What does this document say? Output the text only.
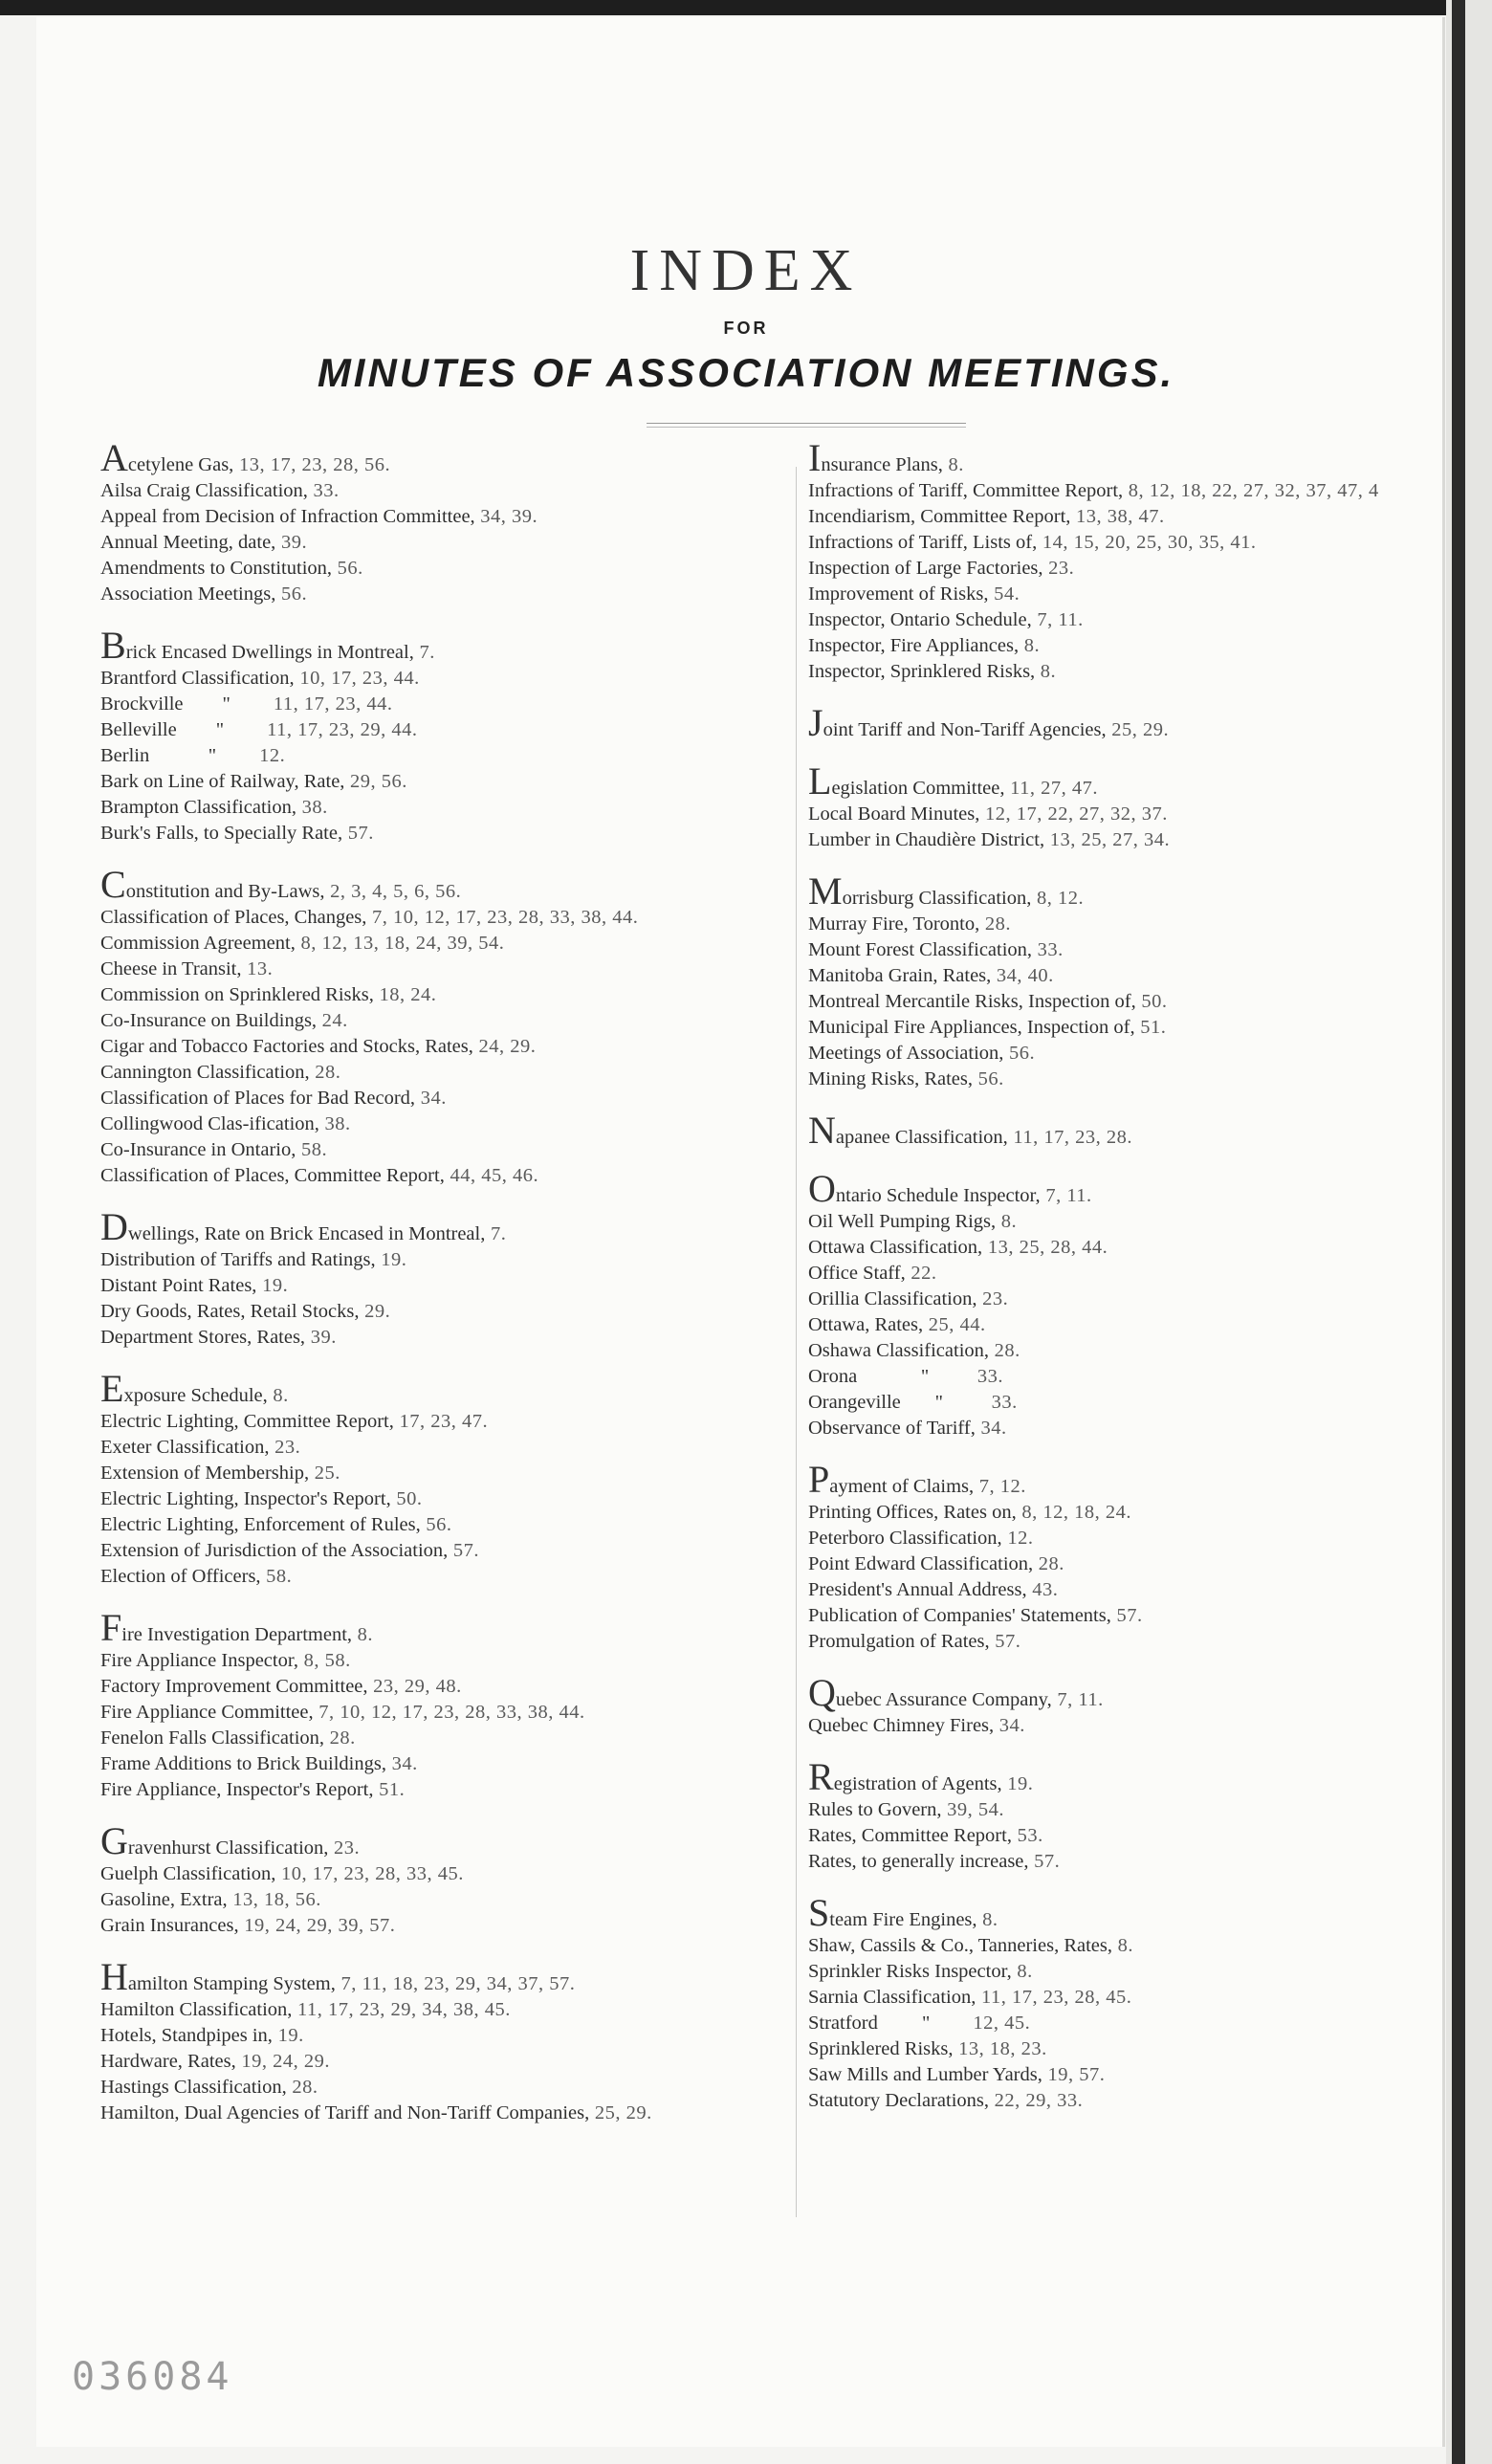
INDEX
FOR
MINUTES OF ASSOCIATION MEETINGS.
Acetylene Gas, 13, 17, 23, 28, 56.
Ailsa Craig Classification, 33.
Appeal from Decision of Infraction Committee, 34, 39.
Annual Meeting, date, 39.
Amendments to Constitution, 56.
Association Meetings, 56.
Brick Encased Dwellings in Montreal, 7.
Brantford Classification, 10, 17, 23, 44.
Brockville        "        11, 17, 23, 44.
Belleville        "        11, 17, 23, 29, 44.
Berlin            "        12.
Bark on Line of Railway, Rate, 29, 56.
Brampton Classification, 38.
Burk's Falls, to Specially Rate, 57.
Constitution and By-Laws, 2, 3, 4, 5, 6, 56.
Classification of Places, Changes, 7, 10, 12, 17, 23, 28, 33, 38, 44.
Commission Agreement, 8, 12, 13, 18, 24, 39, 54.
Cheese in Transit, 13.
Commission on Sprinklered Risks, 18, 24.
Co-Insurance on Buildings, 24.
Cigar and Tobacco Factories and Stocks, Rates, 24, 29.
Cannington Classification, 28.
Classification of Places for Bad Record, 34.
Collingwood Clas-ification, 38.
Co-Insurance in Ontario, 58.
Classification of Places, Committee Report, 44, 45, 46.
Dwellings, Rate on Brick Encased in Montreal, 7.
Distribution of Tariffs and Ratings, 19.
Distant Point Rates, 19.
Dry Goods, Rates, Retail Stocks, 29.
Department Stores, Rates, 39.
Exposure Schedule, 8.
Electric Lighting, Committee Report, 17, 23, 47.
Exeter Classification, 23.
Extension of Membership, 25.
Electric Lighting, Inspector's Report, 50.
Electric Lighting, Enforcement of Rules, 56.
Extension of Jurisdiction of the Association, 57.
Election of Officers, 58.
Fire Investigation Department, 8.
Fire Appliance Inspector, 8, 58.
Factory Improvement Committee, 23, 29, 48.
Fire Appliance Committee, 7, 10, 12, 17, 23, 28, 33, 38, 44.
Fenelon Falls Classification, 28.
Frame Additions to Brick Buildings, 34.
Fire Appliance, Inspector's Report, 51.
Gravenhurst Classification, 23.
Guelph Classification, 10, 17, 23, 28, 33, 45.
Gasoline, Extra, 13, 18, 56.
Grain Insurances, 19, 24, 29, 39, 57.
Hamilton Stamping System, 7, 11, 18, 23, 29, 34, 37, 57.
Hamilton Classification, 11, 17, 23, 29, 34, 38, 45.
Hotels, Standpipes in, 19.
Hardware, Rates, 19, 24, 29.
Hastings Classification, 28.
Hamilton, Dual Agencies of Tariff and Non-Tariff Companies, 25, 29.
Insurance Plans, 8.
Infractions of Tariff, Committee Report, 8, 12, 18, 22, 27, 32, 37, 47, 4
Incendiarism, Committee Report, 13, 38, 47.
Infractions of Tariff, Lists of, 14, 15, 20, 25, 30, 35, 41.
Inspection of Large Factories, 23.
Improvement of Risks, 54.
Inspector, Ontario Schedule, 7, 11.
Inspector, Fire Appliances, 8.
Inspector, Sprinklered Risks, 8.
Joint Tariff and Non-Tariff Agencies, 25, 29.
Legislation Committee, 11, 27, 47.
Local Board Minutes, 12, 17, 22, 27, 32, 37.
Lumber in Chaudière District, 13, 25, 27, 34.
Morrisburg Classification, 8, 12.
Murray Fire, Toronto, 28.
Mount Forest Classification, 33.
Manitoba Grain, Rates, 34, 40.
Montreal Mercantile Risks, Inspection of, 50.
Municipal Fire Appliances, Inspection of, 51.
Meetings of Association, 56.
Mining Risks, Rates, 56.
Napanee Classification, 11, 17, 23, 28.
Ontario Schedule Inspector, 7, 11.
Oil Well Pumping Rigs, 8.
Ottawa Classification, 13, 25, 28, 44.
Office Staff, 22.
Orillia Classification, 23.
Ottawa, Rates, 25, 44.
Oshawa Classification, 28.
Orona             "         33.
Orangeville       "         33.
Observance of Tariff, 34.
Payment of Claims, 7, 12.
Printing Offices, Rates on, 8, 12, 18, 24.
Peterboro Classification, 12.
Point Edward Classification, 28.
President's Annual Address, 43.
Publication of Companies' Statements, 57.
Promulgation of Rates, 57.
Quebec Assurance Company, 7, 11.
Quebec Chimney Fires, 34.
Registration of Agents, 19.
Rules to Govern, 39, 54.
Rates, Committee Report, 53.
Rates, to generally increase, 57.
Steam Fire Engines, 8.
Shaw, Cassils & Co., Tanneries, Rates, 8.
Sprinkler Risks Inspector, 8.
Sarnia Classification, 11, 17, 23, 28, 45.
Stratford         "        12, 45.
Sprinklered Risks, 13, 18, 23.
Saw Mills and Lumber Yards, 19, 57.
Statutory Declarations, 22, 29, 33.
036084
